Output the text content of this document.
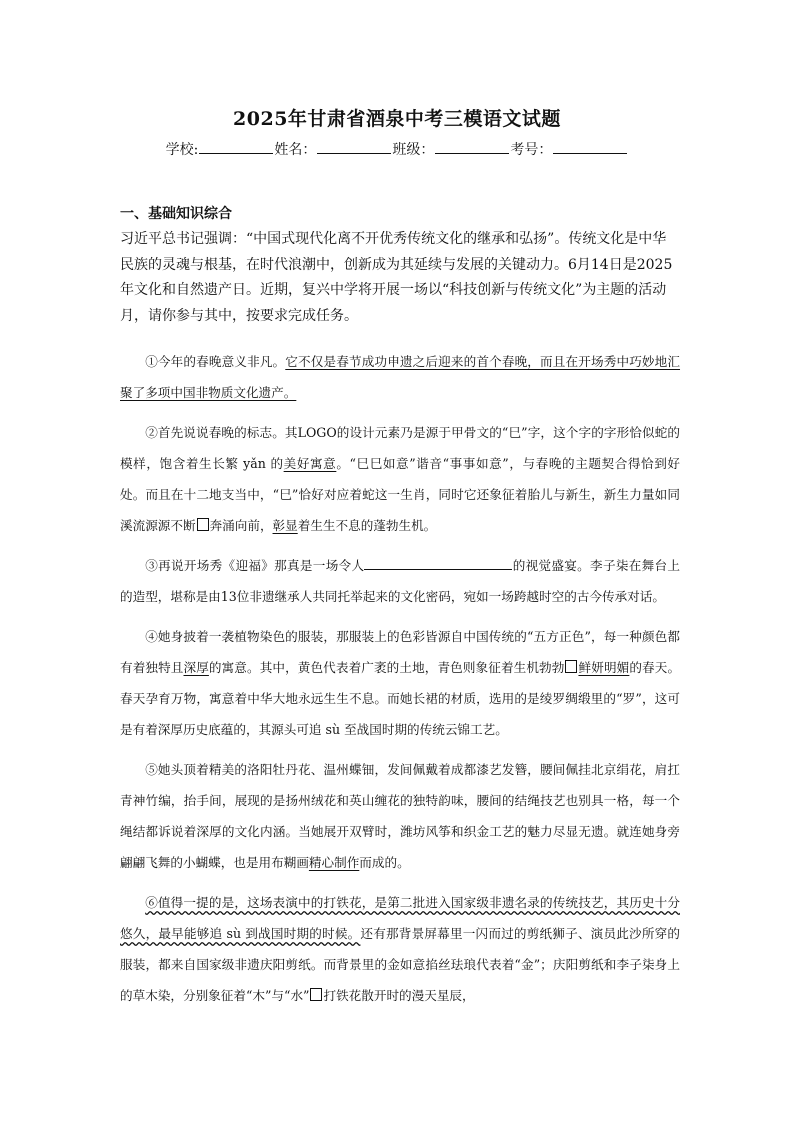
2025年甘肃省酒泉中考三模语文试题
学校:	姓名：	班级：	考号：
一、基础知识综合

习近平总书记强调：“中国式现代化离不开优秀传统文化的继承和弘扬”。传统文化是中华民族的灵魂与根基，在时代浪潮中，创新成为其延续与发展的关键动力。6月14日是2025年文化和自然遗产日。近期，复兴中学将开展一场以“科技创新与传统文化”为主题的活动月，请你参与其中，按要求完成任务。

①今年的春晚意义非凡。它不仅是春节成功申遗之后迎来的首个春晚，而且在开场秀中巧妙地汇聚了多项中国非物质文化遗产。

②首先说说春晚的标志。其LOGO的设计元素乃是源于甲骨文的“巳”字，这个字的字形恰似蛇的模样，饱含着生长繁 yǎn 的美好寓意。“巳巳如意”谐音“事事如意”，与春晚的主题契合得恰到好处。而且在十二地支当中，“巳”恰好对应着蛇这一生肖，同时它还象征着胎儿与新生，新生力量如同溪流源源不断 奔涌向前，彰显着生生不息的蓬勃生机。

③再说开场秀《迎福》那真是一场令人	的视觉盛宴。李子柒在舞台上的造型，堪称是由13位非遗继承人共同托举起来的文化密码，宛如一场跨越时空的古今传承对话。

④她身披着一袭植物染色的服装，那服装上的色彩皆源自中国传统的“五方正色”，每一种颜色都有着独特且深厚的寓意。其中，黄色代表着广袤的土地，青色则象征着生机勃勃 鲜妍明媚的春天。春天孕育万物，寓意着中华大地永远生生不息。而她长裙的材质，选用的是绫罗绸缎里的“罗”，这可是有着深厚历史底蕴的，其源头可追 sù 至战国时期的传统云锦工艺。

⑤她头顶着精美的洛阳牡丹花、温州蝶钿，发间佩戴着成都漆艺发簪，腰间佩挂北京绢花，肩扛青神竹编，抬手间，展现的是扬州绒花和英山缠花的独特韵味，腰间的结绳技艺也别具一格，每一个绳结都诉说着深厚的文化内涵。当她展开双臂时，潍坊风筝和织金工艺的魅力尽显无遗。就连她身旁翩翩飞舞的小蝴蝶，也是用布糊画精心制作而成的。

⑥值得一提的是，这场表演中的打铁花，是第二批进入国家级非遗名录的传统技艺，其历史十分悠久，最早能够追 sù 到战国时期的时候。还有那背景屏幕里一闪而过的剪纸狮子、演员此沙所穿的服装，都来自国家级非遗庆阳剪纸。而背景里的金如意掐丝珐琅代表着“金”；庆阳剪纸和李子柒身上的草木染，分别象征着“木”与“水” 打铁花散开时的漫天星辰，
